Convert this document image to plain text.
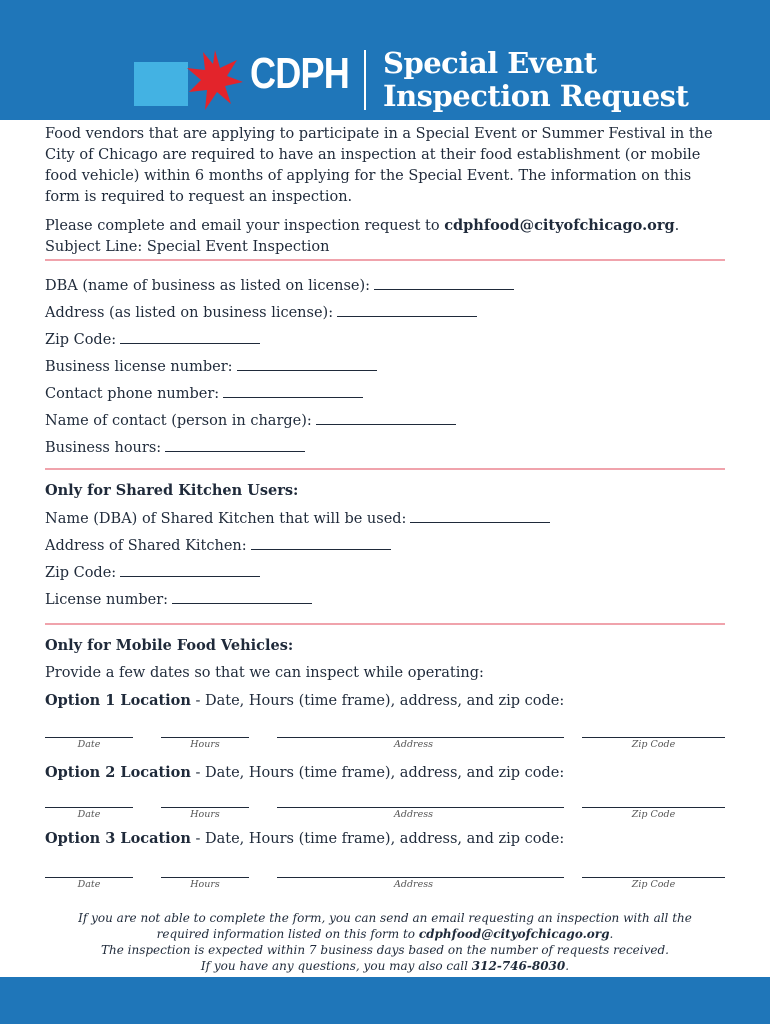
CDPH Special Event
Inspection Request

Food vendors that are applying to participate in a Special Event or Summer Festival in the City of Chicago are required to have an inspection at their food establishment (or mobile food vehicle) within 6 months of applying for the Special Event. The information on this form is required to request an inspection.

Please complete and email your inspection request to cdphfood@cityofchicago.org.

Subject Line: Special Event Inspection

DBA (name of business as listed on license):
Address (as listed on business license):
Zip Code:
Business license number:
Contact phone number:
Name of contact (person in charge):
Business hours:
Only for Shared Kitchen Users:
Name (DBA) of Shared Kitchen that will be used:
Address of Shared Kitchen:
Zip Code:
License number:
Only for Mobile Food Vehicles:
Provide a few dates so that we can inspect while operating:
Option 1 Location - Date, Hours (time frame), address, and zip code:
Date	Hours	Address	Zip Code
Option 2 Location - Date, Hours (time frame), address, and zip code:
Date	Hours	Address	Zip Code
Option 3 Location - Date, Hours (time frame), address, and zip code:
Date	Hours	Address	Zip Code
If you are not able to complete the form, you can send an email requesting an inspection with all the
required information listed on this form to cdphfood@cityofchicago.org.
The inspection is expected within 7 business days based on the number of requests received.
If you have any questions, you may also call 312-746-8030.
